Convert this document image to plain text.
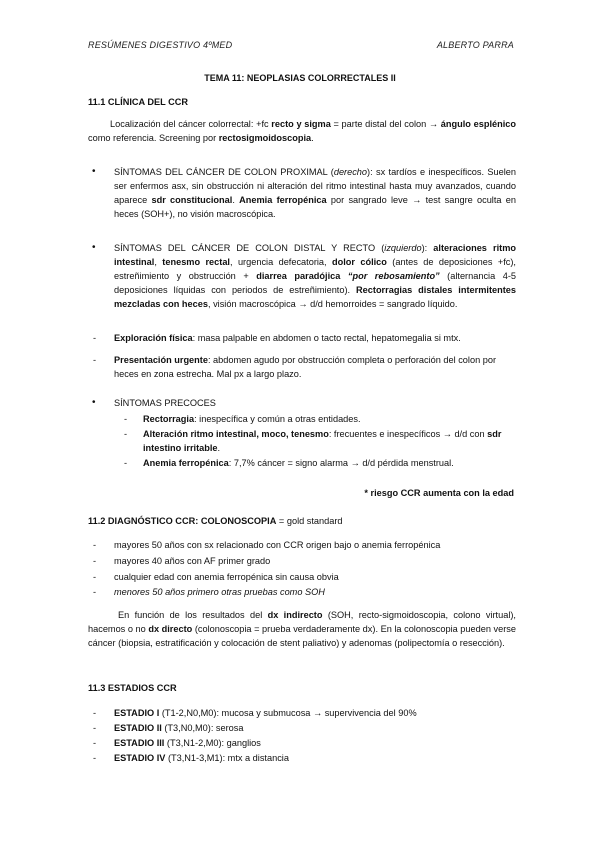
RESÚMENES DIGESTIVO 4ºMED	ALBERTO PARRA
TEMA 11: NEOPLASIAS COLORRECTALES II
11.1 CLÍNICA DEL CCR
Localización del cáncer colorrectal: +fc recto y sigma = parte distal del colon → ángulo esplénico como referencia. Screening por rectosigmoidoscopia.
• SÍNTOMAS DEL CÁNCER DE COLON PROXIMAL (derecho): sx tardíos e inespecíficos. Suelen ser enfermos asx, sin obstrucción ni alteración del ritmo intestinal hasta muy avanzados, cuando aparece sdr constitucional. Anemia ferropénica por sangrado leve → test sangre oculta en heces (SOH+), no visión macroscópica.
• SÍNTOMAS DEL CÁNCER DE COLON DISTAL Y RECTO (izquierdo): alteraciones ritmo intestinal, tenesmo rectal, urgencia defecatoria, dolor cólico (antes de deposiciones +fc), estreñimiento y obstrucción + diarrea paradójica “por rebosamiento” (alternancia 4-5 deposiciones líquidas con periodos de estreñimiento). Rectorragias distales intermitentes mezcladas con heces, visión macroscópica → d/d hemorroides = sangrado líquido.
- Exploración física: masa palpable en abdomen o tacto rectal, hepatomegalia si mtx.
- Presentación urgente: abdomen agudo por obstrucción completa o perforación del colon por heces en zona estrecha. Mal px a largo plazo.
• SÍNTOMAS PRECOCES
- Rectorragia: inespecífica y común a otras entidades.
- Alteración ritmo intestinal, moco, tenesmo: frecuentes e inespecíficos → d/d con sdr intestino irritable.
- Anemia ferropénica: 7,7% cáncer = signo alarma → d/d pérdida menstrual.
* riesgo CCR aumenta con la edad
11.2 DIAGNÓSTICO CCR: COLONOSCOPIA = gold standard
- mayores 50 años con sx relacionado con CCR origen bajo o anemia ferropénica
- mayores 40 años con AF primer grado
- cualquier edad con anemia ferropénica sin causa obvia
- menores 50 años primero otras pruebas como SOH
En función de los resultados del dx indirecto (SOH, recto-sigmoidoscopia, colono virtual), hacemos o no dx directo (colonoscopia = prueba verdaderamente dx). En la colonoscopia pueden verse cáncer (biopsia, estratificación y colocación de stent paliativo) y adenomas (polipectomía o resección).
11.3 ESTADIOS CCR
- ESTADIO I (T1-2,N0,M0): mucosa y submucosa → supervivencia del 90%
- ESTADIO II (T3,N0,M0): serosa
- ESTADIO III (T3,N1-2,M0): ganglios
- ESTADIO IV (T3,N1-3,M1): mtx a distancia
